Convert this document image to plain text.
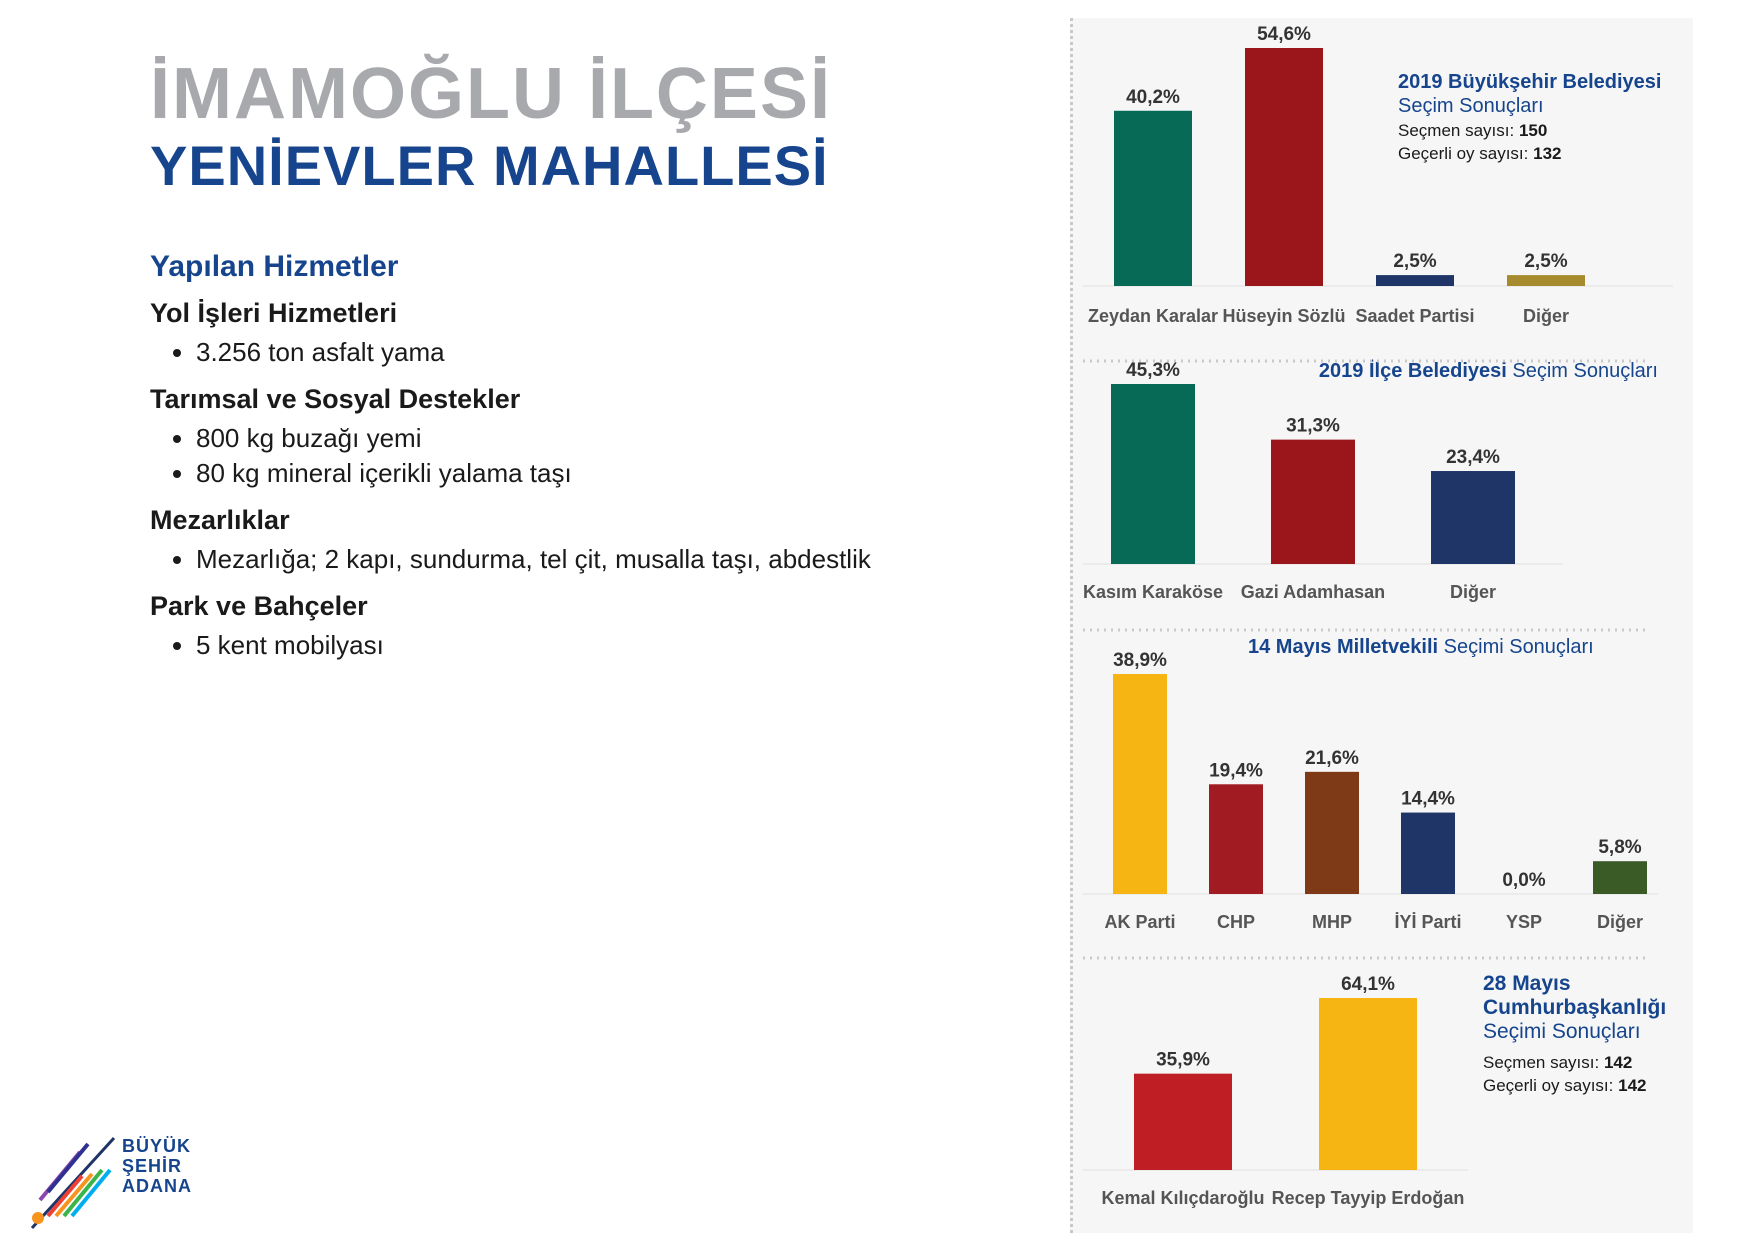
İMAMOĞLU İLÇESİ
YENİEVLER MAHALLESİ
Yapılan Hizmetler
Yol İşleri Hizmetleri
• 3.256 ton asfalt yama
Tarımsal ve Sosyal Destekler
• 800 kg buzağı yemi
• 80 kg mineral içerikli yalama taşı
Mezarlıklar
• Mezarlığa; 2 kapı, sundurma, tel çit, musalla taşı, abdestlik
Park ve Bahçeler
• 5 kent mobilyası
40,2%
Zeydan Karalar
54,6%
Hüseyin Sözlü
2,5%
Saadet Partisi
2,5%
Diğer
2019 Büyükşehir Belediyesi
Seçim Sonuçları
Seçmen sayısı: 150
Geçerli oy sayısı: 132
45,3%
Kasım Karaköse
31,3%
Gazi Adamhasan
23,4%
Diğer
2019 İlçe Belediyesi Seçim Sonuçları
38,9%
AK Parti
19,4%
CHP
21,6%
MHP
14,4%
İYİ Parti
0,0%
YSP
5,8%
Diğer
14 Mayıs Milletvekili Seçimi Sonuçları
35,9%
Kemal Kılıçdaroğlu
64,1%
Recep Tayyip Erdoğan
28 Mayıs
Cumhurbaşkanlığı
Seçimi Sonuçları
Seçmen sayısı: 142
Geçerli oy sayısı: 142
BÜYÜK
ŞEHİR
ADANA
